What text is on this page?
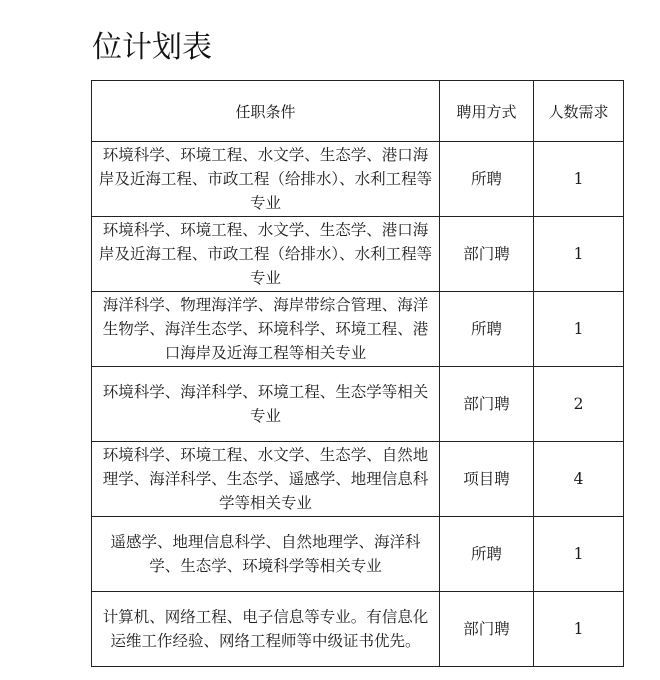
位计划表
任职条件	聘用方式	人数需求

环境科学、环境工程、水文学、生态学、港口海岸及近海工程、市政工程（给排水）、水利工程等专业	所聘	1

环境科学、环境工程、水文学、生态学、港口海岸及近海工程、市政工程（给排水）、水利工程等专业	部门聘	1

海洋科学、物理海洋学、海岸带综合管理、海洋生物学、海洋生态学、环境科学、环境工程、港口海岸及近海工程等相关专业	所聘	1

环境科学、海洋科学、环境工程、生态学等相关专业	部门聘	2

环境科学、环境工程、水文学、生态学、自然地理学、海洋科学、生态学、遥感学、地理信息科学等相关专业	项目聘	4

遥感学、地理信息科学、自然地理学、海洋科学、生态学、环境科学等相关专业	所聘	1

计算机、网络工程、电子信息等专业。有信息化运维工作经验、网络工程师等中级证书优先。	部门聘	1
